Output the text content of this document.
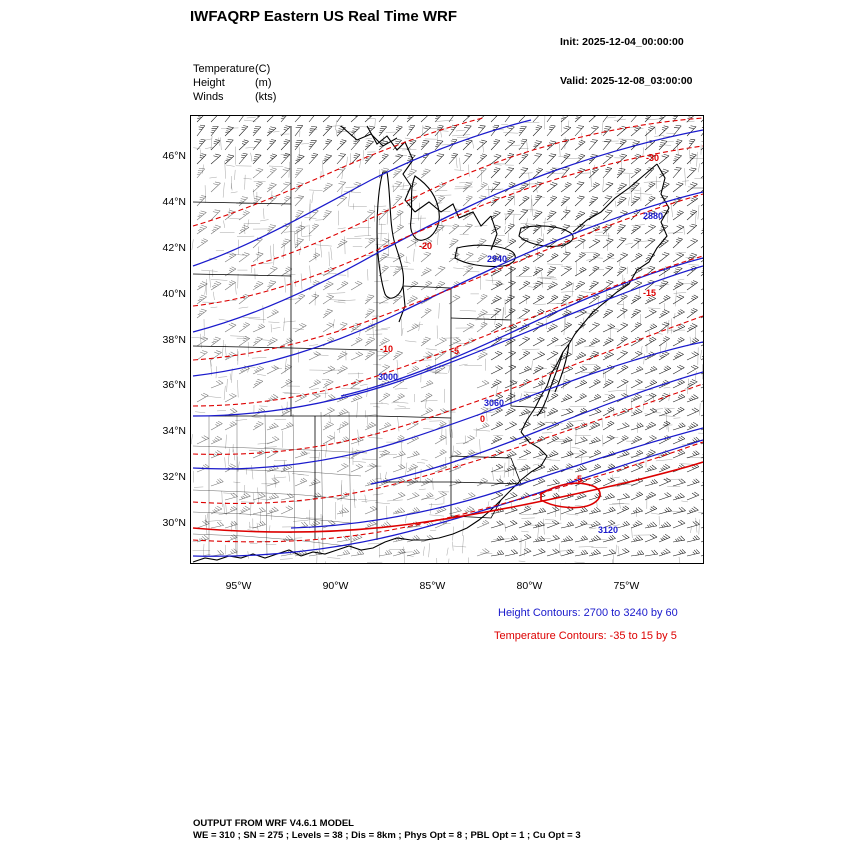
IWFAQRP Eastern US Real Time WRF

Init: 2025-12-04_00:00:00

Valid: 2025-12-08_03:00:00

Temperature(C)
Height	(m)
Winds	(kts)
30°N
32°N
34°N
36°N
38°N
40°N
42°N
44°N
46°N
95°W	90°W	85°W	80°W	75°W
-30
2880
-20
2940
-15
-10	-5
3000
3060
0
-5
3120
Height Contours: 2700 to 3240 by 60
Temperature Contours: -35 to 15 by 5
OUTPUT FROM WRF V4.6.1 MODEL
WE = 310 ; SN = 275 ; Levels = 38 ; Dis = 8km ; Phys Opt = 8 ; PBL Opt = 1 ; Cu Opt = 3
